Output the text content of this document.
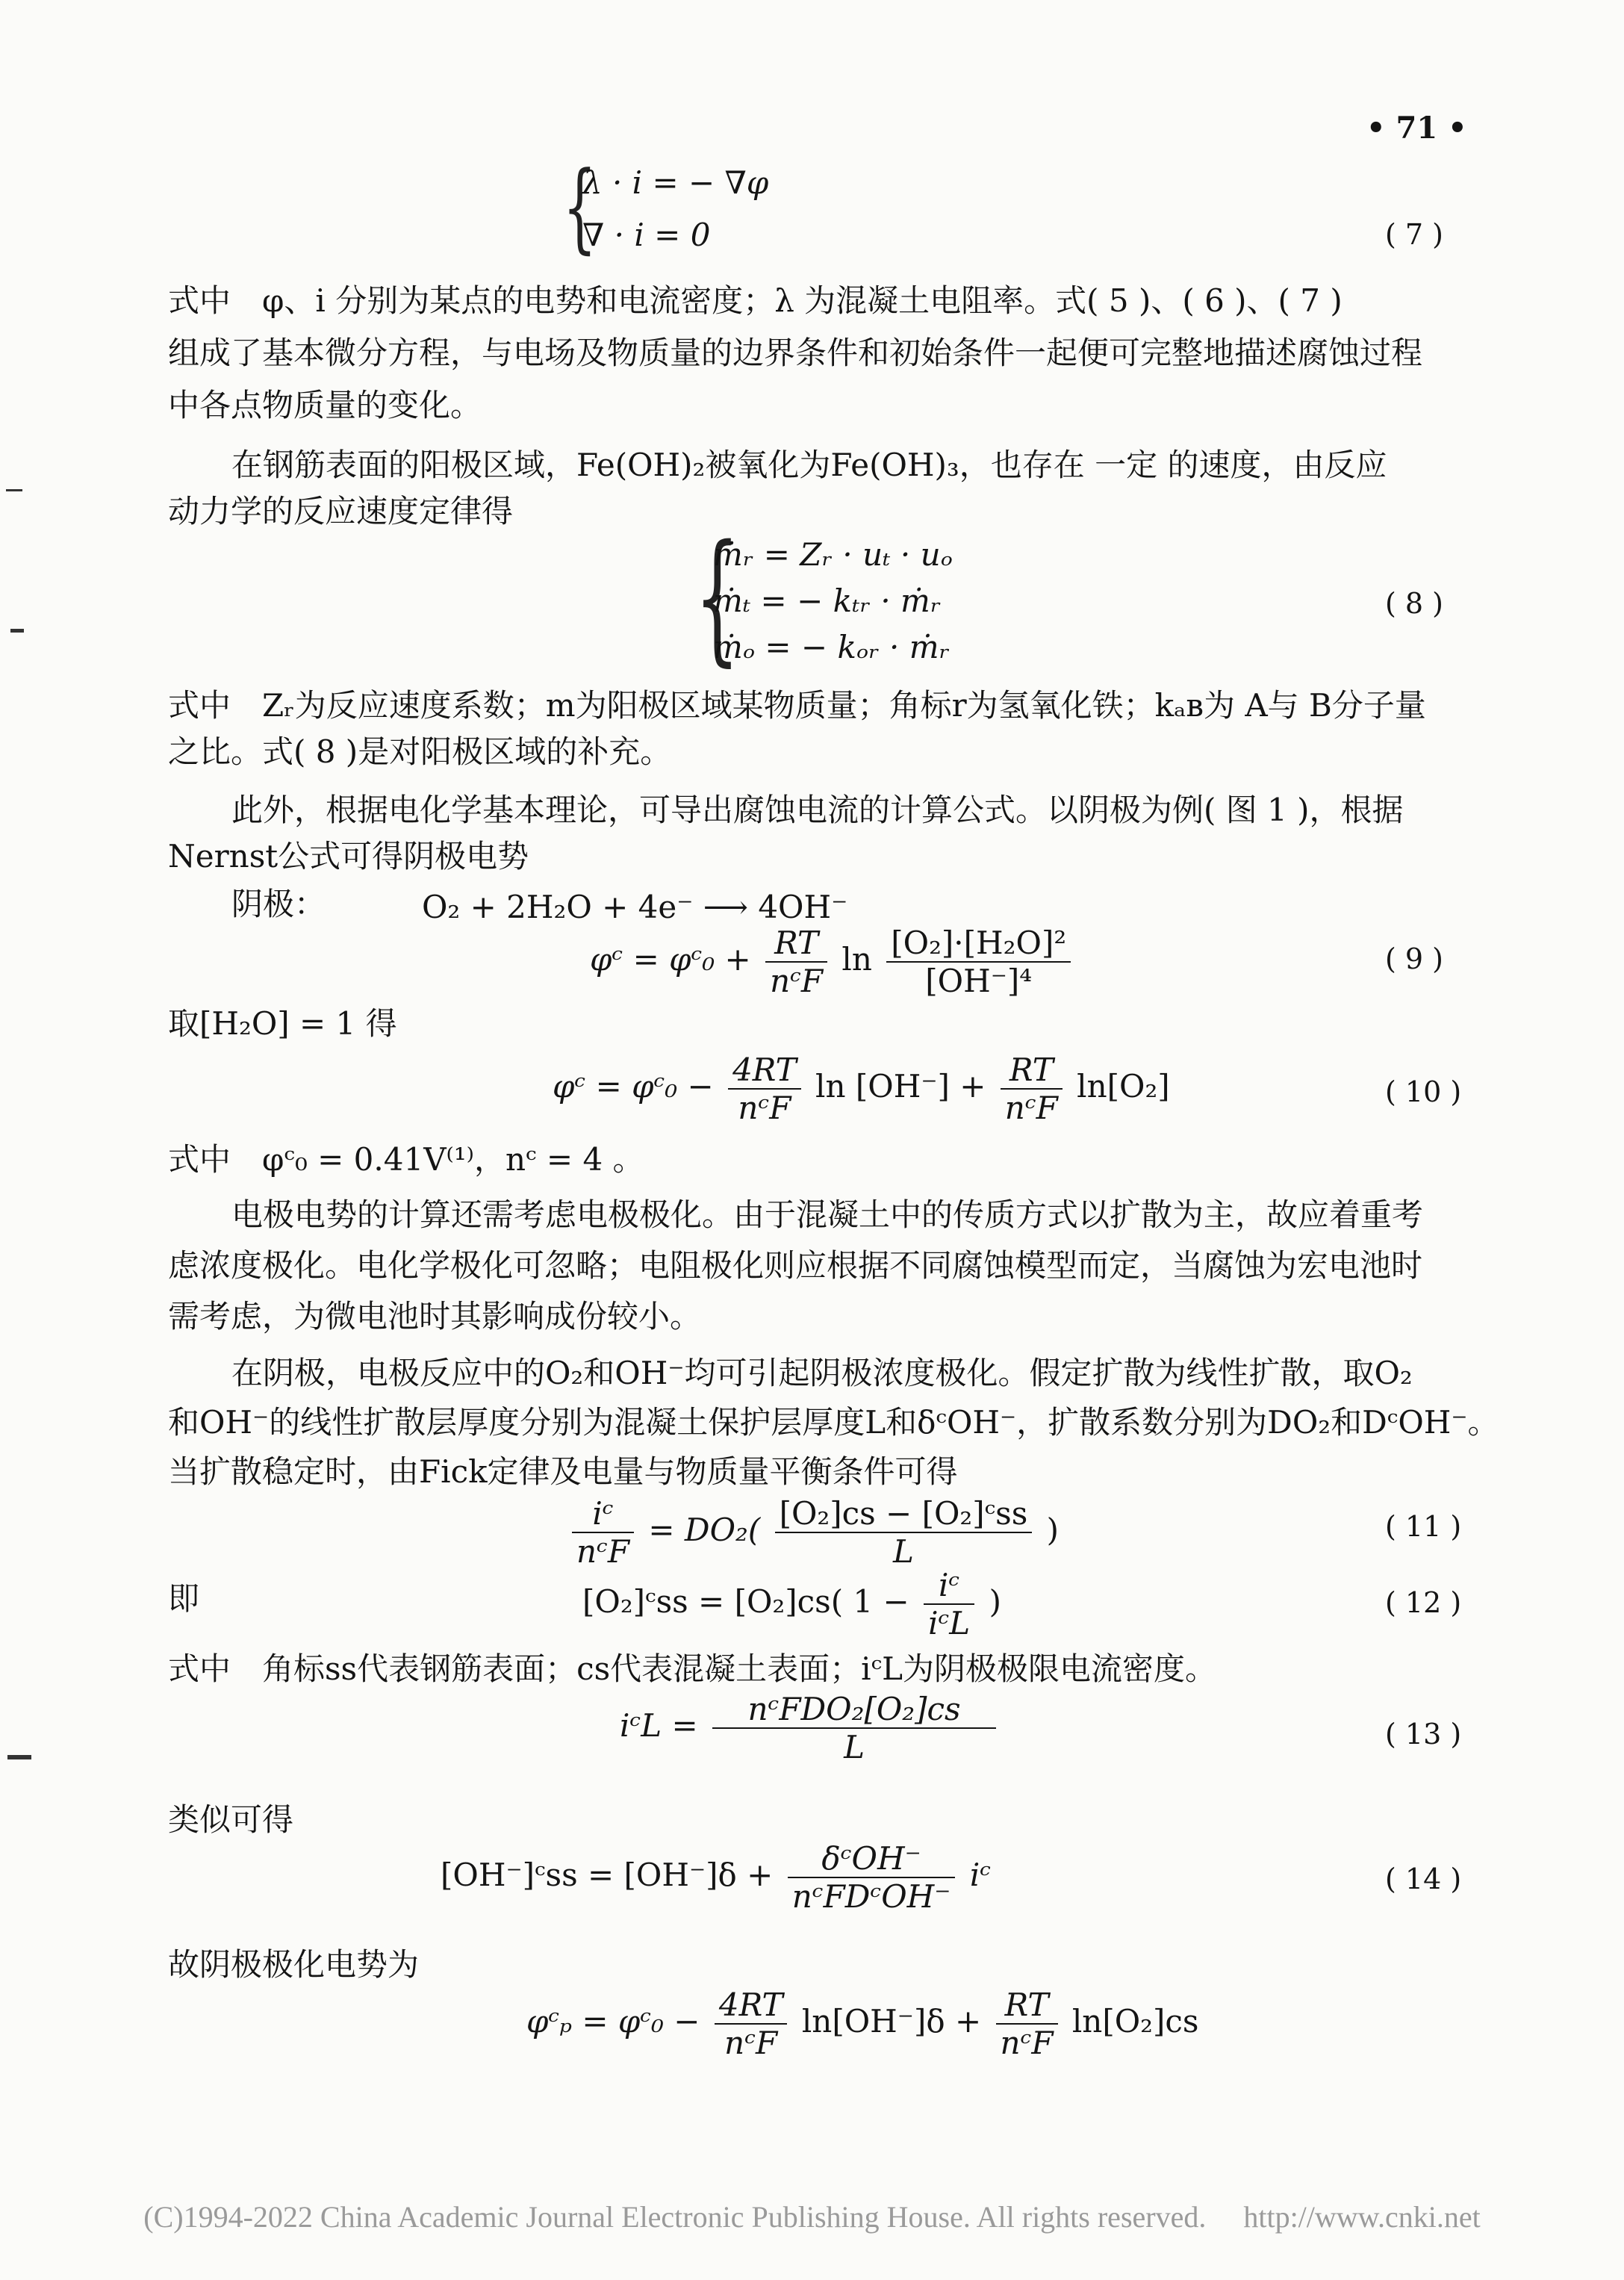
• 71 •
{
λ · i = − ∇φ
∇ · i = 0	( 7 )
式中　φ、i 分别为某点的电势和电流密度；λ 为混凝土电阻率。式( 5 )、( 6 )、( 7 )
组成了基本微分方程，与电场及物质量的边界条件和初始条件一起便可完整地描述腐蚀过程
中各点物质量的变化。
在钢筋表面的阳极区域，Fe(OH)₂被氧化为Fe(OH)₃，也存在 一定 的速度，由反应
动力学的反应速度定律得
{
ṁᵣ = Zᵣ · uₜ · uₒ
ṁₜ = − kₜᵣ · ṁᵣ
ṁₒ = − kₒᵣ · ṁᵣ
( 8 )
式中　Zᵣ为反应速度系数；m为阳极区域某物质量；角标r为氢氧化铁；kₐʙ为 A与 B分子量
之比。式( 8 )是对阳极区域的补充。
此外，根据电化学基本理论，可导出腐蚀电流的计算公式。以阴极为例( 图 1 )，根据
Nernst公式可得阴极电势
阴极：	O₂ + 2H₂O + 4e⁻ ⟶ 4OH⁻
φᶜ = φᶜ₀ + $\frac{RT}{\text{nᶜF}}$ $\ln \frac{\text{[O₂]·[H₂O]²}}{\text{[OH⁻]⁴}}$	( 9 )
取[H₂O] = 1 得
φᶜ = φᶜ₀ − $\frac{4RT}{\text{nᶜF}}$ $\ln [OH^-] + \frac{RT}{\text{nᶜF}} \ln[O_2]$	( 10 )
式中　φᶜ₀ = 0.41V⁽¹⁾，nᶜ = 4 。
电极电势的计算还需考虑电极极化。由于混凝土中的传质方式以扩散为主，故应着重考
虑浓度极化。电化学极化可忽略；电阻极化则应根据不同腐蚀模型而定，当腐蚀为宏电池时
需考虑，为微电池时其影响成份较小。
在阴极，电极反应中的O₂和OH⁻均可引起阴极浓度极化。假定扩散为线性扩散，取O₂
和OH⁻的线性扩散层厚度分别为混凝土保护层厚度L和δᶜOH⁻，扩散系数分别为DO₂和DᶜOH⁻。
当扩散稳定时，由Fick定律及电量与物质量平衡条件可得
$\frac{\text{iᶜ}}{\text{nᶜF}} = DO_2( \frac{\text{[O₂]cs − [O₂]ᶜss}}{L}$ )	( 11 )
即	[O₂]ᶜss = [O₂]cs( $1 - \frac{\text{iᶜ}}{\text{iᶜL}}$ )	( 12 )
式中　角标ss代表钢筋表面；cs代表混凝土表面；iᶜL为阴极极限电流密度。
iᶜL = $\frac{\text{nᶜFDO₂[O₂]cs}}{L}$	( 13 )
类似可得
[OH⁻]ᶜss = $[OH^-]\delta + \frac{\text{δᶜOH⁻}}{\text{nᶜFDᶜOH⁻}}$ iᶜ	( 14 )
故阴极极化电势为
φᶜₚ = φᶜ₀ − $\frac{4RT}{\text{nᶜF}} \ln[OH^-]\delta + \frac{RT}{\text{nᶜF}} \ln[O_2]cs$
(C)1994-2022 China Academic Journal Electronic Publishing House. All rights reserved. http://www.cnki.net
